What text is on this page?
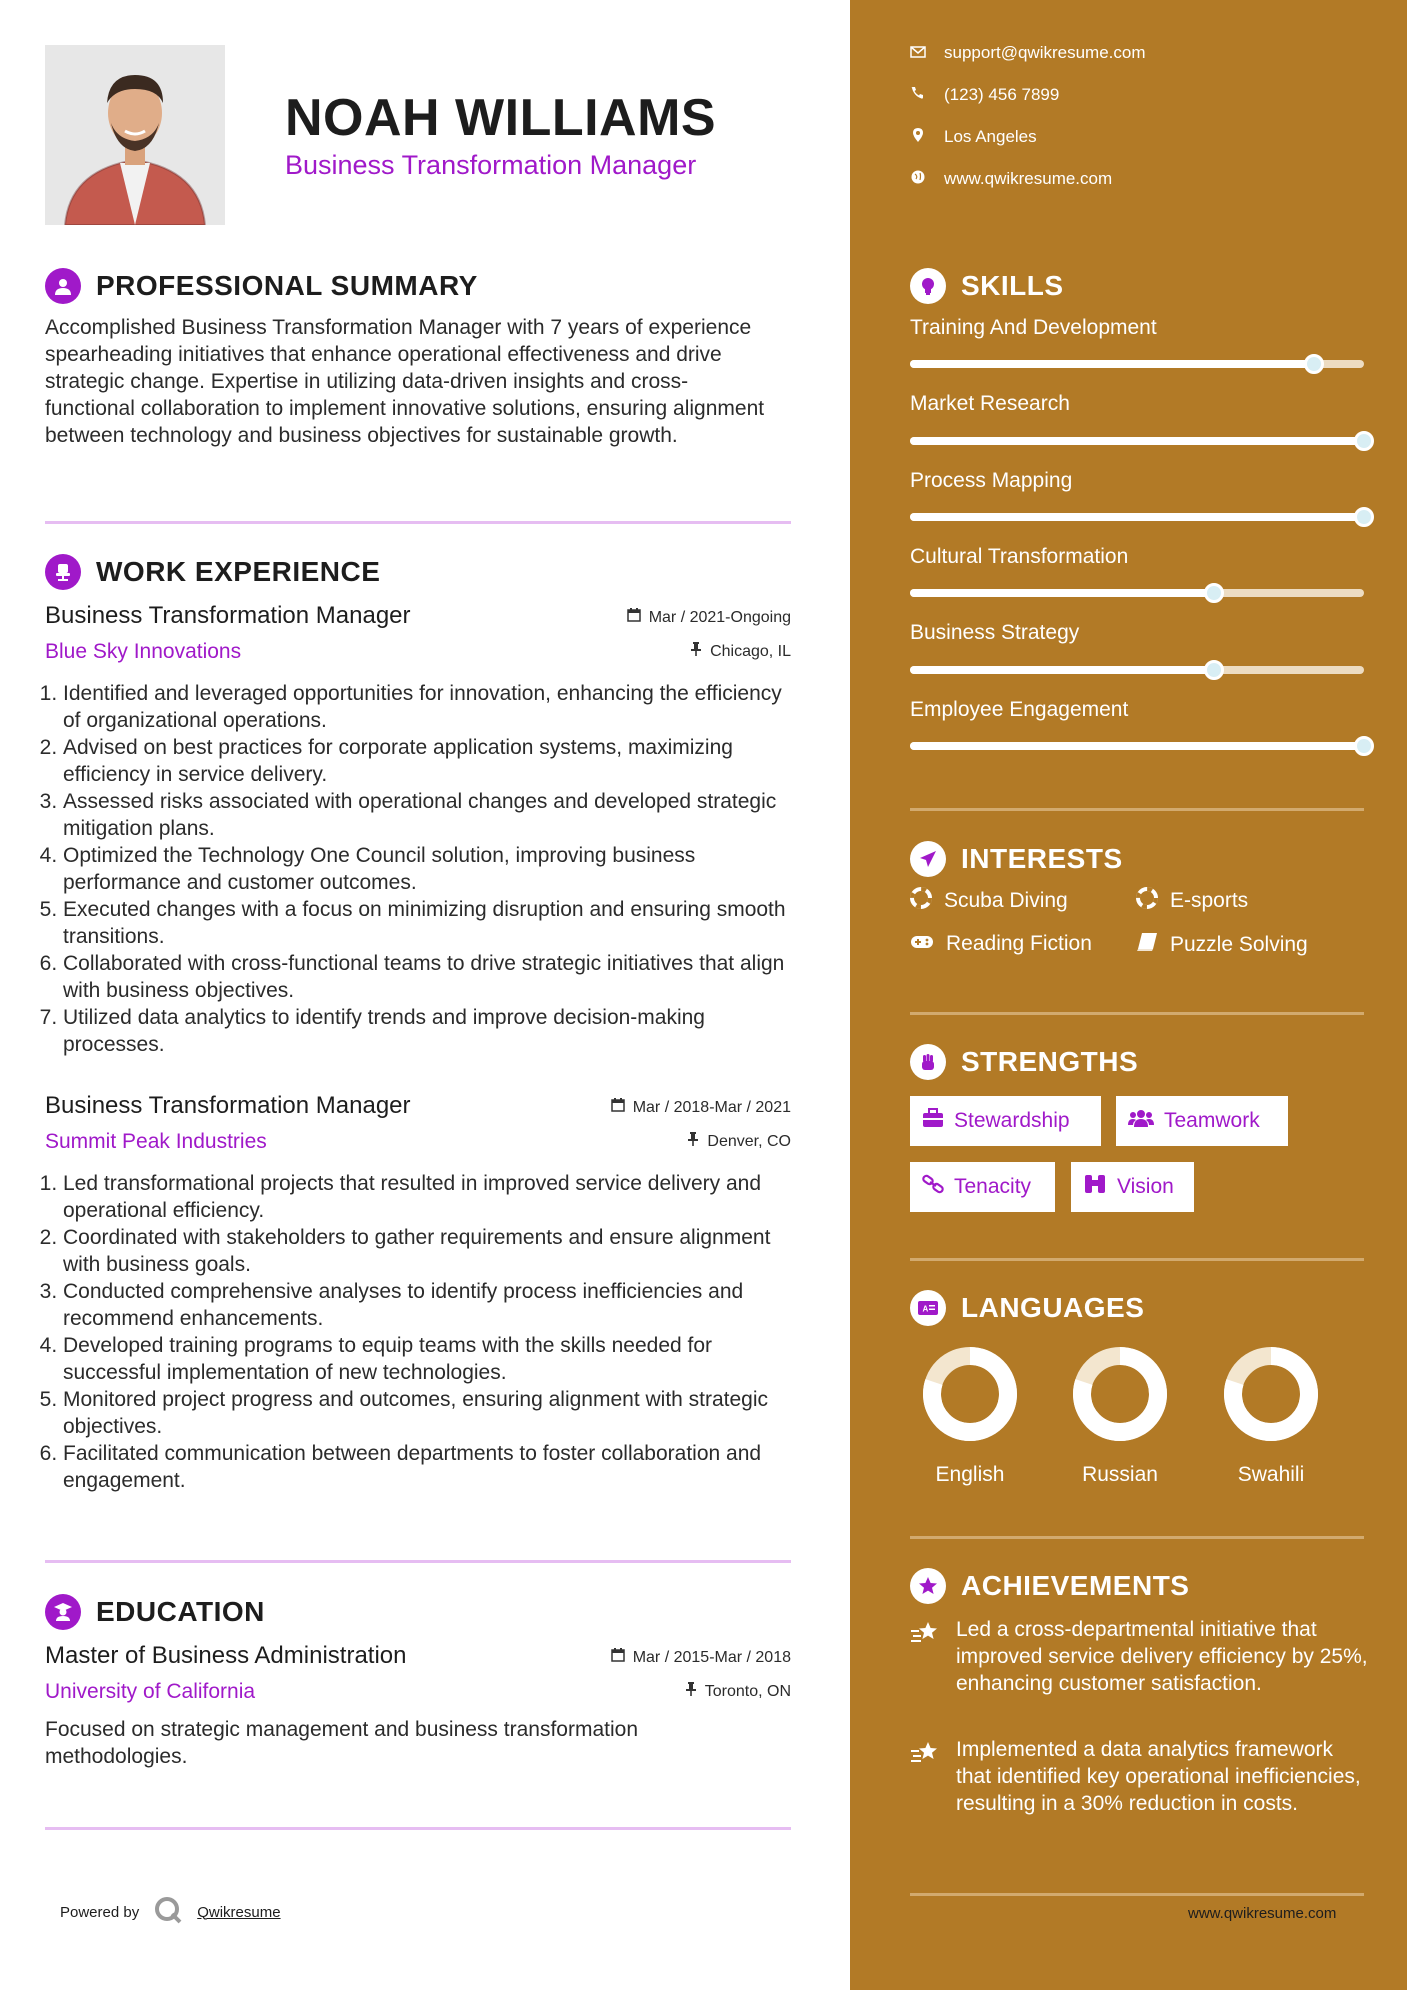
NOAH WILLIAMS
Business Transformation Manager
PROFESSIONAL SUMMARY
Accomplished Business Transformation Manager with 7 years of experience spearheading initiatives that enhance operational effectiveness and drive strategic change. Expertise in utilizing data-driven insights and cross-functional collaboration to implement innovative solutions, ensuring alignment between technology and business objectives for sustainable growth.
WORK EXPERIENCE
Business Transformation Manager	Mar / 2021-Ongoing
Blue Sky Innovations	Chicago, IL
1. Identified and leveraged opportunities for innovation, enhancing the efficiency of organizational operations.
2. Advised on best practices for corporate application systems, maximizing efficiency in service delivery.
3. Assessed risks associated with operational changes and developed strategic mitigation plans.
4. Optimized the Technology One Council solution, improving business performance and customer outcomes.
5. Executed changes with a focus on minimizing disruption and ensuring smooth transitions.
6. Collaborated with cross-functional teams to drive strategic initiatives that align with business objectives.
7. Utilized data analytics to identify trends and improve decision-making processes.
Business Transformation Manager	Mar / 2018-Mar / 2021
Summit Peak Industries	Denver, CO
1. Led transformational projects that resulted in improved service delivery and operational efficiency.
2. Coordinated with stakeholders to gather requirements and ensure alignment with business goals.
3. Conducted comprehensive analyses to identify process inefficiencies and recommend enhancements.
4. Developed training programs to equip teams with the skills needed for successful implementation of new technologies.
5. Monitored project progress and outcomes, ensuring alignment with strategic objectives.
6. Facilitated communication between departments to foster collaboration and engagement.
EDUCATION
Master of Business Administration	Mar / 2015-Mar / 2018
University of California	Toronto, ON
Focused on strategic management and business transformation methodologies.
Powered by	Qwikresume
support@qwikresume.com
(123) 456 7899
Los Angeles
www.qwikresume.com
SKILLS
Training And Development
Market Research
Process Mapping
Cultural Transformation
Business Strategy
Employee Engagement
INTERESTS
Scuba Diving	E-sports
Reading Fiction	Puzzle Solving
STRENGTHS
Stewardship	Teamwork
Tenacity	Vision
A LANGUAGES
English	Russian	Swahili
ACHIEVEMENTS
Led a cross-departmental initiative that improved service delivery efficiency by 25%, enhancing customer satisfaction.
Implemented a data analytics framework that identified key operational inefficiencies, resulting in a 30% reduction in costs.
www.qwikresume.com
